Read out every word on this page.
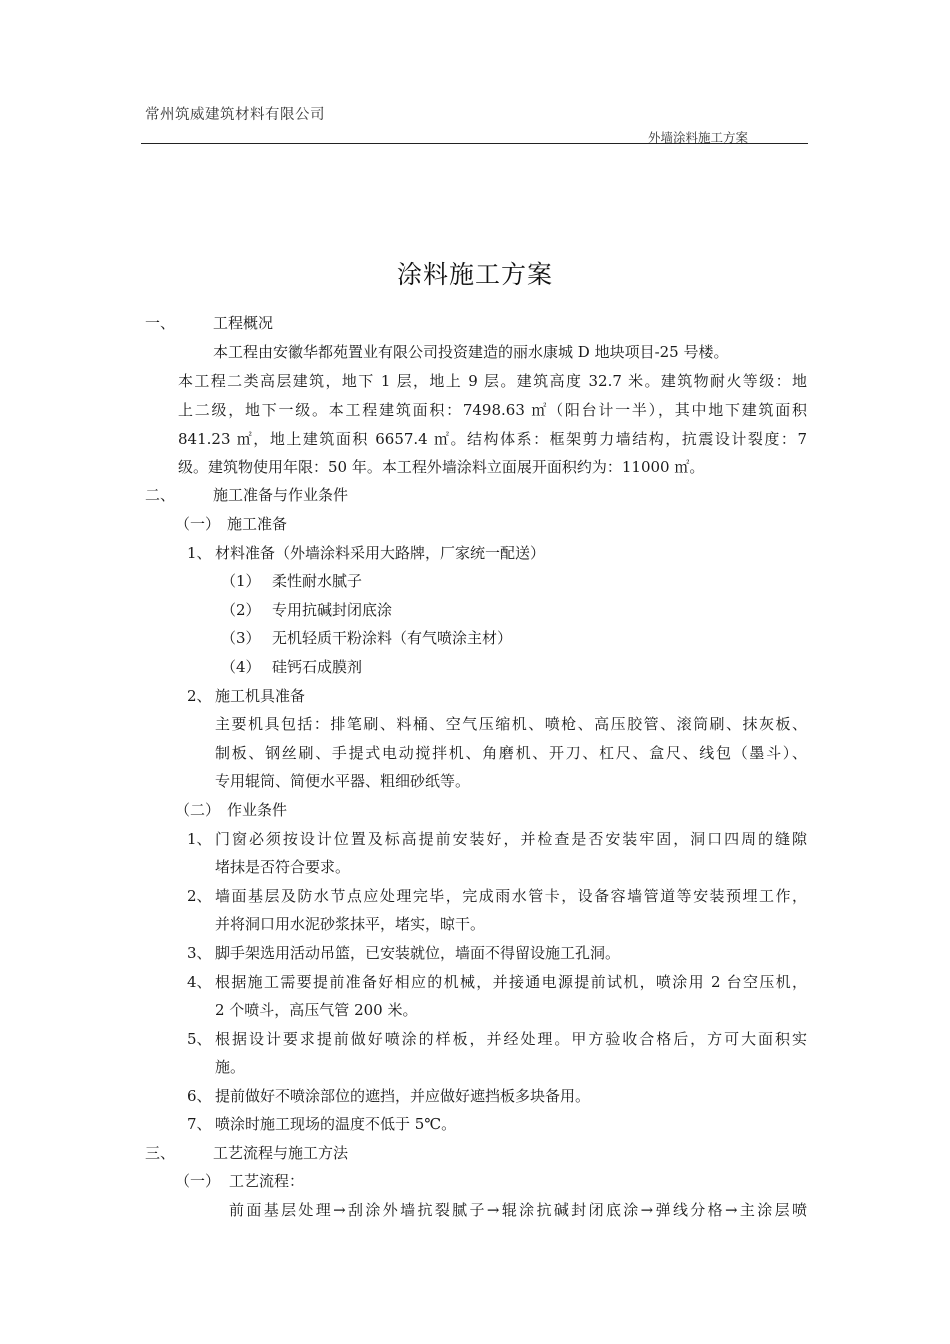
常州筑威建筑材料有限公司
外墙涂料施工方案
涂料施工方案
一、	工程概况
本工程由安徽华都苑置业有限公司投资建造的丽水康城 D 地块项目-25 号楼。
本工程二类高层建筑，地下 1 层，地上 9 层。建筑高度 32.7 米。建筑物耐火等级：地
上二级，地下一级。本工程建筑面积：7498.63 ㎡（阳台计一半），其中地下建筑面积
841.23 ㎡，地上建筑面积 6657.4 ㎡。结构体系：框架剪力墙结构，抗震设计裂度：7
级。建筑物使用年限：50 年。本工程外墙涂料立面展开面积约为：11000 ㎡。
二、	施工准备与作业条件
（一） 施工准备
1、 材料准备（外墙涂料采用大路牌，厂家统一配送）
（1） 柔性耐水腻子
（2） 专用抗碱封闭底涂
（3） 无机轻质干粉涂料（有气喷涂主材）
（4） 硅钙石成膜剂
2、 施工机具准备
主要机具包括：排笔刷、料桶、空气压缩机、喷枪、高压胶管、滚筒刷、抹灰板、
制板、钢丝刷、手提式电动搅拌机、角磨机、开刀、杠尺、盒尺、线包（墨斗）、
专用辊筒、简便水平器、粗细砂纸等。
（二） 作业条件
1、 门窗必须按设计位置及标高提前安装好，并检查是否安装牢固，洞口四周的缝隙
堵抹是否符合要求。
2、 墙面基层及防水节点应处理完毕，完成雨水管卡，设备容墙管道等安装预埋工作，
并将洞口用水泥砂浆抹平，堵实，晾干。
3、 脚手架选用活动吊篮，已安装就位，墙面不得留设施工孔洞。
4、 根据施工需要提前准备好相应的机械，并接通电源提前试机，喷涂用 2 台空压机，
2 个喷斗，高压气管 200 米。
5、 根据设计要求提前做好喷涂的样板，并经处理。甲方验收合格后，方可大面积实
施。
6、 提前做好不喷涂部位的遮挡，并应做好遮挡板多块备用。
7、 喷涂时施工现场的温度不低于 5℃。
三、	工艺流程与施工方法
（一） 工艺流程：
前面基层处理→刮涂外墙抗裂腻子→辊涂抗碱封闭底涂→弹线分格→主涂层喷
